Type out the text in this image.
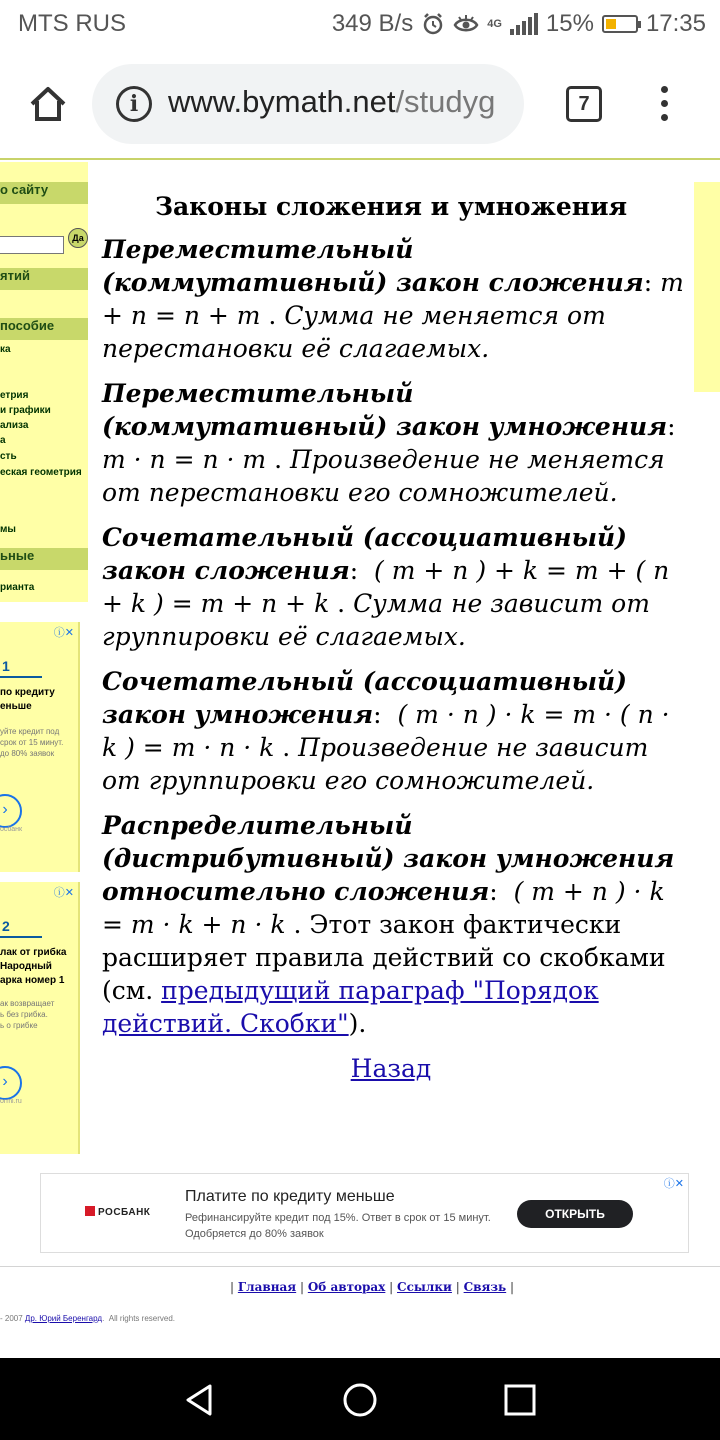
MTS RUS	349 B/s	4G 15% 17:35
i www.bymath.net/studyg	7
о сайту
Да
ятий
пособие
ка
етрия
и графики
ализа
а
сть
еская геометрия
мы
ьные
рианта
ⓘ✕
1
по кредиту
еньше
уйте кредит под
срок от 15 минут.
до 80% заявок
›
осбанк
ⓘ✕
2
лак от грибка
Народный
арка номер 1
ак возвращает
ь без грибка.
ь о грибке
›
ormi.ru
Законы сложения и умножения

Переместительный (коммутативный) закон сложения: m + n = n + m . Сумма не меняется от перестановки её слагаемых.

Переместительный (коммутативный) закон умножения:  m · n = n · m . Произведение не меняется от перестановки его сомножителей.

Сочетательный (ассоциативный) закон сложения:  ( m + n ) + k = m + ( n + k ) = m + n + k . Сумма не зависит от группировки её слагаемых.

Сочетательный (ассоциативный) закон умножения:  ( m · n ) · k = m · ( n · k ) = m · n · k . Произведение не зависит от группировки его сомножителей.

Распределительный (дистрибутивный) закон умножения относительно сложения:  ( m + n ) · k = m · k + n · k . Этот закон фактически расширяет правила действий со скобками (см. предыдущий параграф "Порядок действий. Скобки").

Назад
ⓘ✕
РОСБАНК
Платите по кредиту меньше
Рефинансируйте кредит под 15%. Ответ в срок от 15 минут. Одобряется до 80% заявок
ОТКРЫТЬ
| Главная | Об авторах | Ссылки | Связь |
- 2007 Др. Юрий Беренгард.  All rights reserved.
